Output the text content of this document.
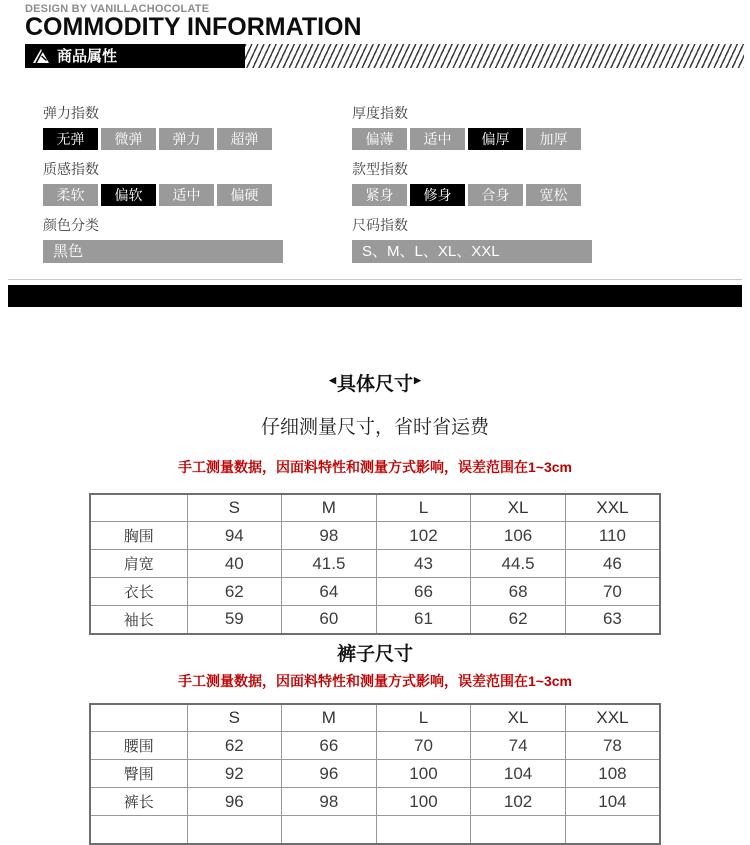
DESIGN BY VANILLACHOCOLATE
COMMODITY INFORMATION
商品属性
弹力指数
无弹	微弹	弹力	超弹
厚度指数
偏薄	适中	偏厚	加厚
质感指数
柔软	偏软	适中	偏硬
款型指数
紧身	修身	合身	宽松
颜色分类
黑色
尺码指数
S、M、L、XL、XXL
◀具体尺寸▶

仔细测量尺寸，省时省运费

手工测量数据，因面料特性和测量方式影响，误差范围在1~3cm

	S	M	L	XL	XXL
胸围	94	98	102	106	110
肩宽	40	41.5	43	44.5	46
衣长	62	64	66	68	70
袖长	59	60	61	62	63
裤子尺寸

手工测量数据，因面料特性和测量方式影响，误差范围在1~3cm

	S	M	L	XL	XXL
腰围	62	66	70	74	78
臀围	92	96	100	104	108
裤长	96	98	100	102	104
